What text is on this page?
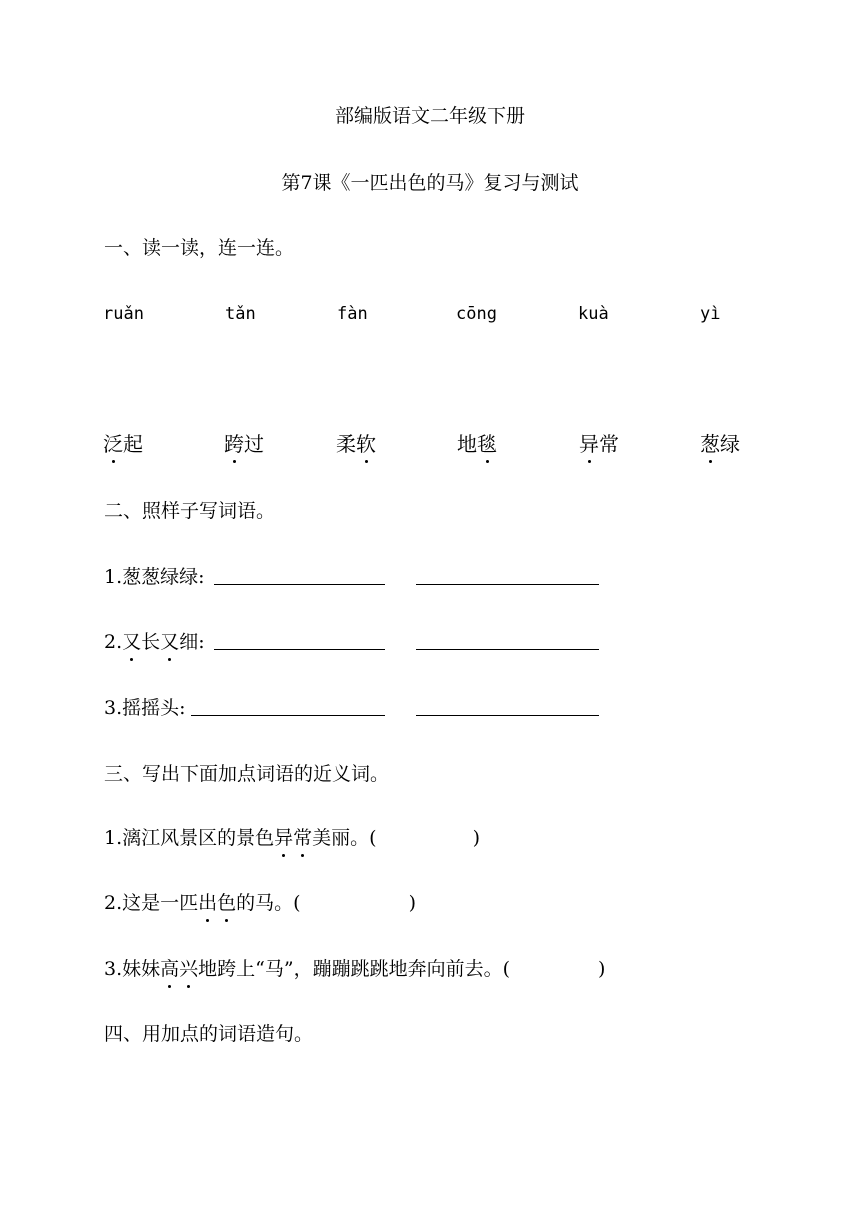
部编版语文二年级下册
第7课《一匹出色的马》复习与测试
一、读一读，连一连。
ruǎn	tǎn	fàn	cōng	kuà	yì
泛起	跨过	柔软	地毯	异常	葱绿
二、照样子写词语。
1.葱葱绿绿:
2.又长又细:
3.摇摇头:
三、写出下面加点词语的近义词。
1.漓江风景区的景色异常美丽。(	)
2.这是一匹出色的马。(	)
3.妹妹高兴地跨上“马”，蹦蹦跳跳地奔向前去。(	)
四、用加点的词语造句。
